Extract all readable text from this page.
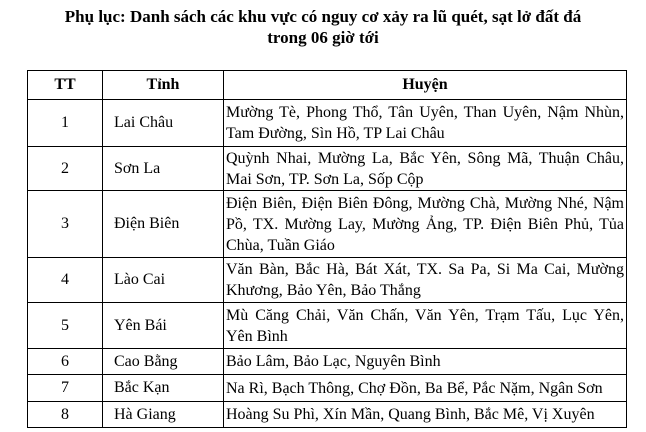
Phụ lục: Danh sách các khu vực có nguy cơ xảy ra lũ quét, sạt lở đất đá
trong 06 giờ tới
TT	Tỉnh	Huyện
1	Lai Châu	Mường Tè, Phong Thổ, Tân Uyên, Than Uyên, Nậm Nhùn, Tam Đường, Sìn Hồ, TP Lai Châu
2	Sơn La	Quỳnh Nhai, Mường La, Bắc Yên, Sông Mã, Thuận Châu, Mai Sơn, TP. Sơn La, Sốp Cộp
3	Điện Biên	Điện Biên, Điện Biên Đông, Mường Chà, Mường Nhé, Nậm Pồ, TX. Mường Lay, Mường Ảng, TP. Điện Biên Phủ, Tủa Chùa, Tuần Giáo
4	Lào Cai	Văn Bàn, Bắc Hà, Bát Xát, TX. Sa Pa, Si Ma Cai, Mường Khương, Bảo Yên, Bảo Thắng
5	Yên Bái	Mù Căng Chải, Văn Chấn, Văn Yên, Trạm Tấu, Lục Yên, Yên Bình
6	Cao Bằng	Bảo Lâm, Bảo Lạc, Nguyên Bình
7	Bắc Kạn	Na Rì, Bạch Thông, Chợ Đồn, Ba Bể, Pắc Nặm, Ngân Sơn
8	Hà Giang	Hoàng Su Phì, Xín Mần, Quang Bình, Bắc Mê, Vị Xuyên
